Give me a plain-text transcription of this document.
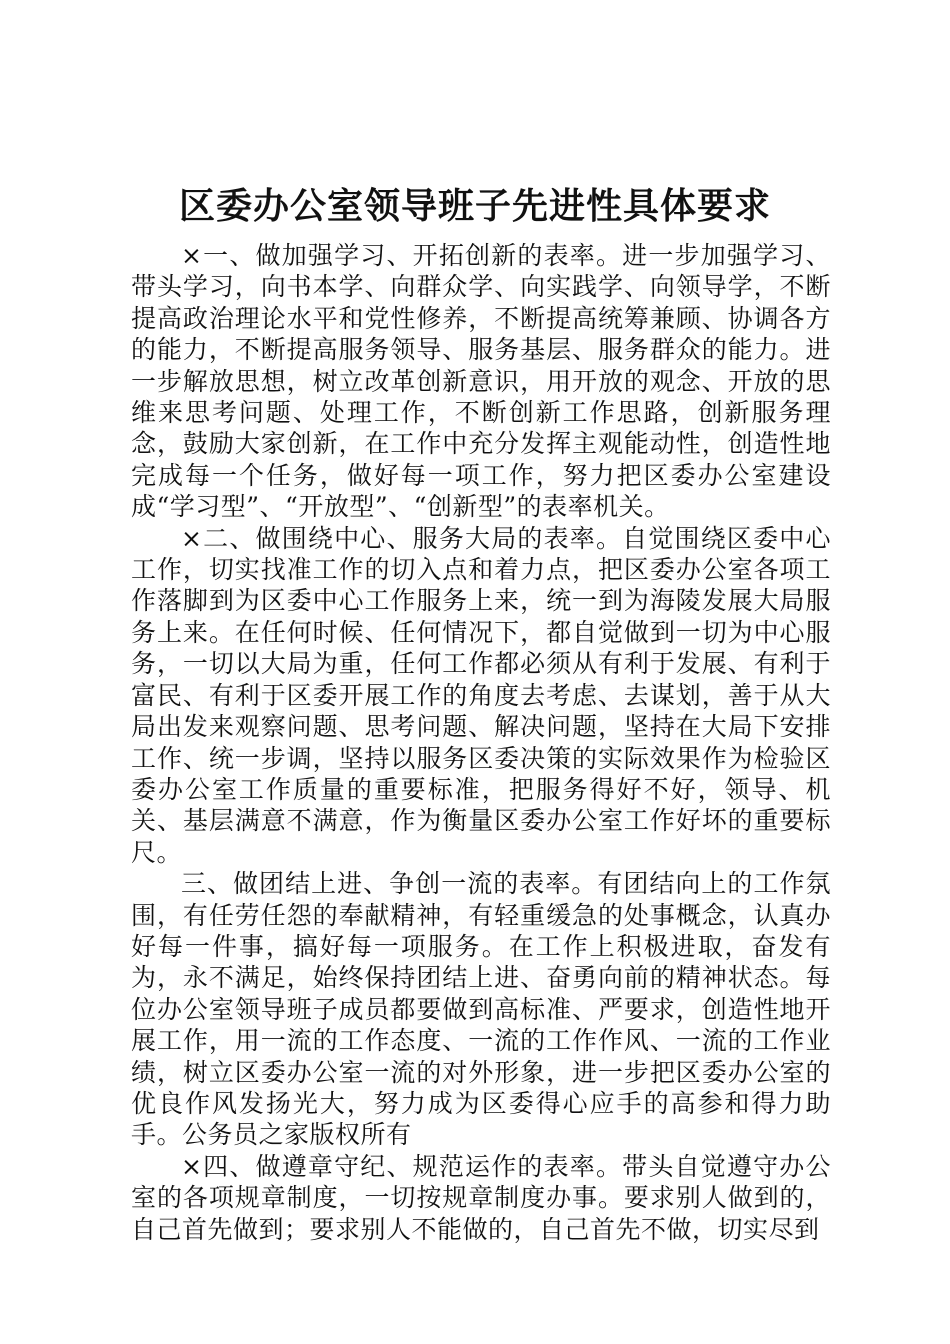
区委办公室领导班子先进性具体要求

×一、做加强学习、开拓创新的表率。进一步加强学习、带头学习，向书本学、向群众学、向实践学、向领导学，不断提高政治理论水平和党性修养，不断提高统筹兼顾、协调各方的能力，不断提高服务领导、服务基层、服务群众的能力。进一步解放思想，树立改革创新意识，用开放的观念、开放的思维来思考问题、处理工作，不断创新工作思路，创新服务理念，鼓励大家创新，在工作中充分发挥主观能动性，创造性地完成每一个任务，做好每一项工作，努力把区委办公室建设成“学习型”、“开放型”、“创新型”的表率机关。

×二、做围绕中心、服务大局的表率。自觉围绕区委中心工作，切实找准工作的切入点和着力点，把区委办公室各项工作落脚到为区委中心工作服务上来，统一到为海陵发展大局服务上来。在任何时候、任何情况下，都自觉做到一切为中心服务，一切以大局为重，任何工作都必须从有利于发展、有利于富民、有利于区委开展工作的角度去考虑、去谋划，善于从大局出发来观察问题、思考问题、解决问题，坚持在大局下安排工作、统一步调，坚持以服务区委决策的实际效果作为检验区委办公室工作质量的重要标准，把服务得好不好，领导、机关、基层满意不满意，作为衡量区委办公室工作好坏的重要标尺。

三、做团结上进、争创一流的表率。有团结向上的工作氛围，有任劳任怨的奉献精神，有轻重缓急的处事概念，认真办好每一件事，搞好每一项服务。在工作上积极进取，奋发有为，永不满足，始终保持团结上进、奋勇向前的精神状态。每位办公室领导班子成员都要做到高标准、严要求，创造性地开展工作，用一流的工作态度、一流的工作作风、一流的工作业绩，树立区委办公室一流的对外形象，进一步把区委办公室的优良作风发扬光大，努力成为区委得心应手的高参和得力助手。公务员之家版权所有

×四、做遵章守纪、规范运作的表率。带头自觉遵守办公室的各项规章制度，一切按规章制度办事。要求别人做到的，自己首先做到；要求别人不能做的，自己首先不做，切实尽到
